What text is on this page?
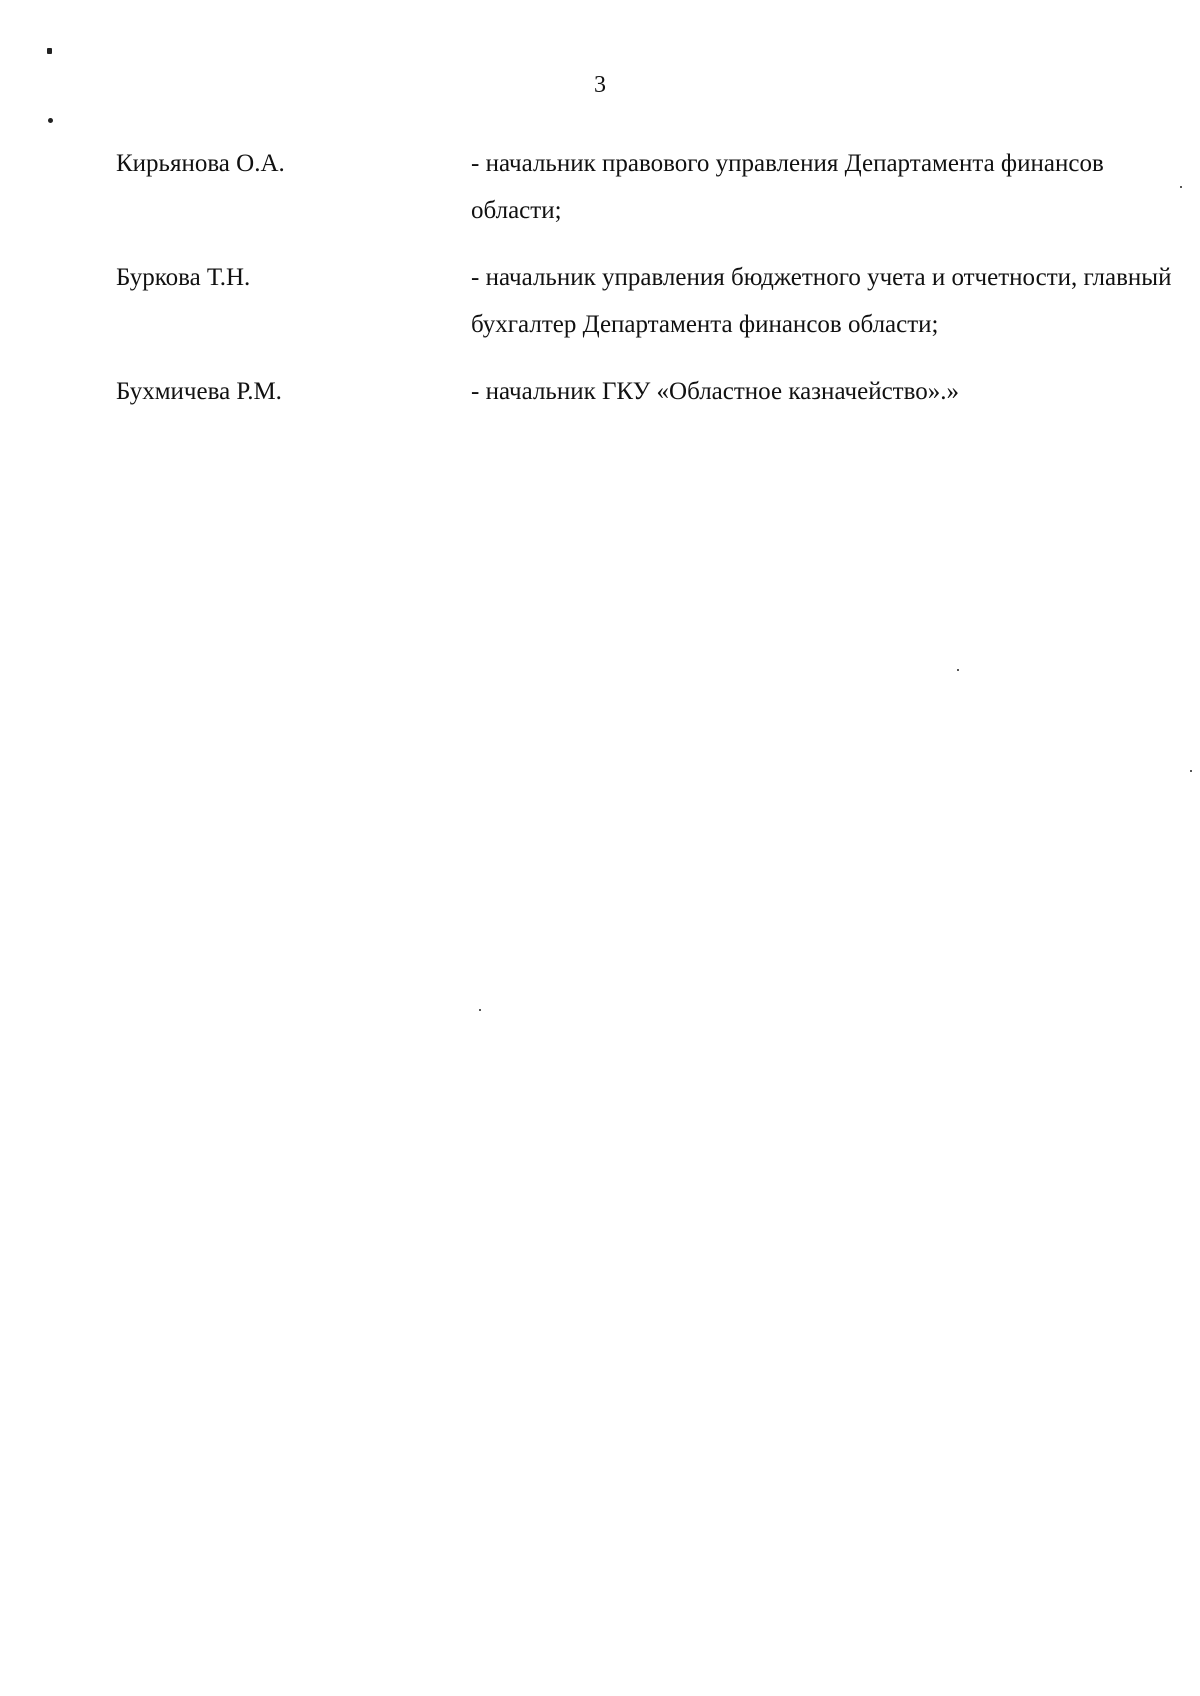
3
Кирьянова О.А.	- начальник правового управления Департамента финансов области;
Буркова Т.Н.	- начальник управления бюджетного учета и отчетности, главный бухгалтер Департамента финансов области;
Бухмичева Р.М.	- начальник ГКУ «Областное казначейство».»
